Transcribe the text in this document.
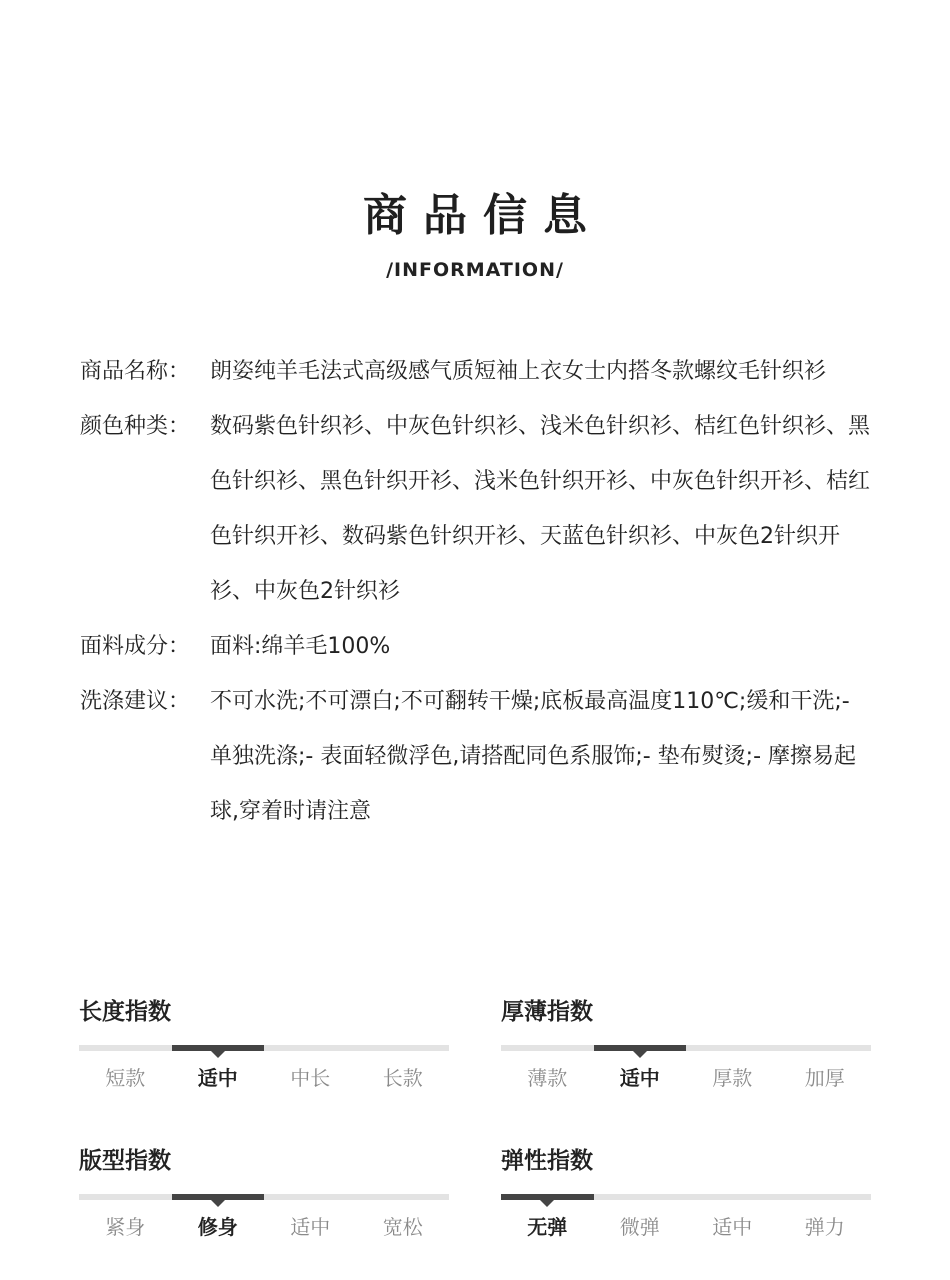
商品信息
/INFORMATION/
商品名称： 朗姿纯羊毛法式高级感气质短袖上衣女士内搭冬款螺纹毛针织衫
颜色种类： 数码紫色针织衫、中灰色针织衫、浅米色针织衫、桔红色针织衫、黑色针织衫、黑色针织开衫、浅米色针织开衫、中灰色针织开衫、桔红色针织开衫、数码紫色针织开衫、天蓝色针织衫、中灰色2针织开衫、中灰色2针织衫
面料成分： 面料:绵羊毛100%
洗涤建议： 不可水洗;不可漂白;不可翻转干燥;底板最高温度110℃;缓和干洗;- 单独洗涤;- 表面轻微浮色,请搭配同色系服饰;- 垫布熨烫;- 摩擦易起球,穿着时请注意
长度指数
短款	适中	中长	长款
厚薄指数
薄款	适中	厚款	加厚
版型指数
紧身	修身	适中	宽松
弹性指数
无弹	微弹	适中	弹力
